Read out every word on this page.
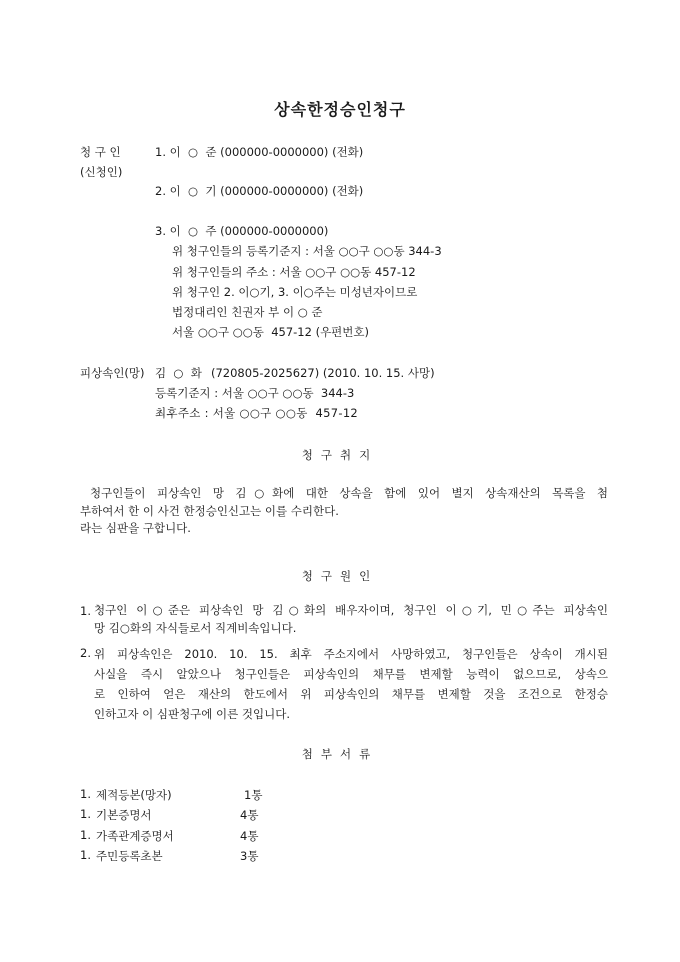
상속한정승인청구
청 구 인
(신청인)
1. 이  ○  준 (000000-0000000) (전화)
2. 이  ○  기 (000000-0000000) (전화)
3. 이  ○  주 (000000-0000000)
위 청구인들의 등록기준지 : 서울 ○○구 ○○동 344-3
위 청구인들의 주소 : 서울 ○○구 ○○동 457-12
위 청구인 2. 이○기, 3. 이○주는 미성년자이므로
법정대리인 친권자 부 이 ○ 준
서울 ○○구 ○○동  457-12 (우편번호)
피상속인(망) 김  ○  화 (720805-2025627) (2010. 10. 15. 사망)
등록기준지 : 서울 ○○구 ○○동  344-3
최후주소 : 서울 ○○구 ○○동  457-12
청구취지

청구인들이 피상속인 망 김○화에 대한 상속을 함에 있어 별지 상속재산의 목록을 첨

부하여서 한 이 사건 한정승인신고는 이를 수리한다.

라는 심판을 구합니다.

청구원인
1. 청구인 이○준은 피상속인 망 김○화의 배우자이며, 청구인 이○기, 민○주는 피상속인

망 김○화의 자식들로서 직계비속입니다.

2. 위 피상속인은 2010. 10. 15. 최후 주소지에서 사망하였고, 청구인들은 상속이 개시된

사실을 즉시 알았으나 청구인들은 피상속인의 채무를 변제할 능력이 없으므로, 상속으

로 인하여 얻은 재산의 한도에서 위 피상속인의 채무를 변제할 것을 조건으로 한정승

인하고자 이 심판청구에 이른 것입니다.

첨부서류
1. 제적등본(망자)	1통
1. 기본증명서	4통
1. 가족관계증명서	4통
1. 주민등록초본	3통
